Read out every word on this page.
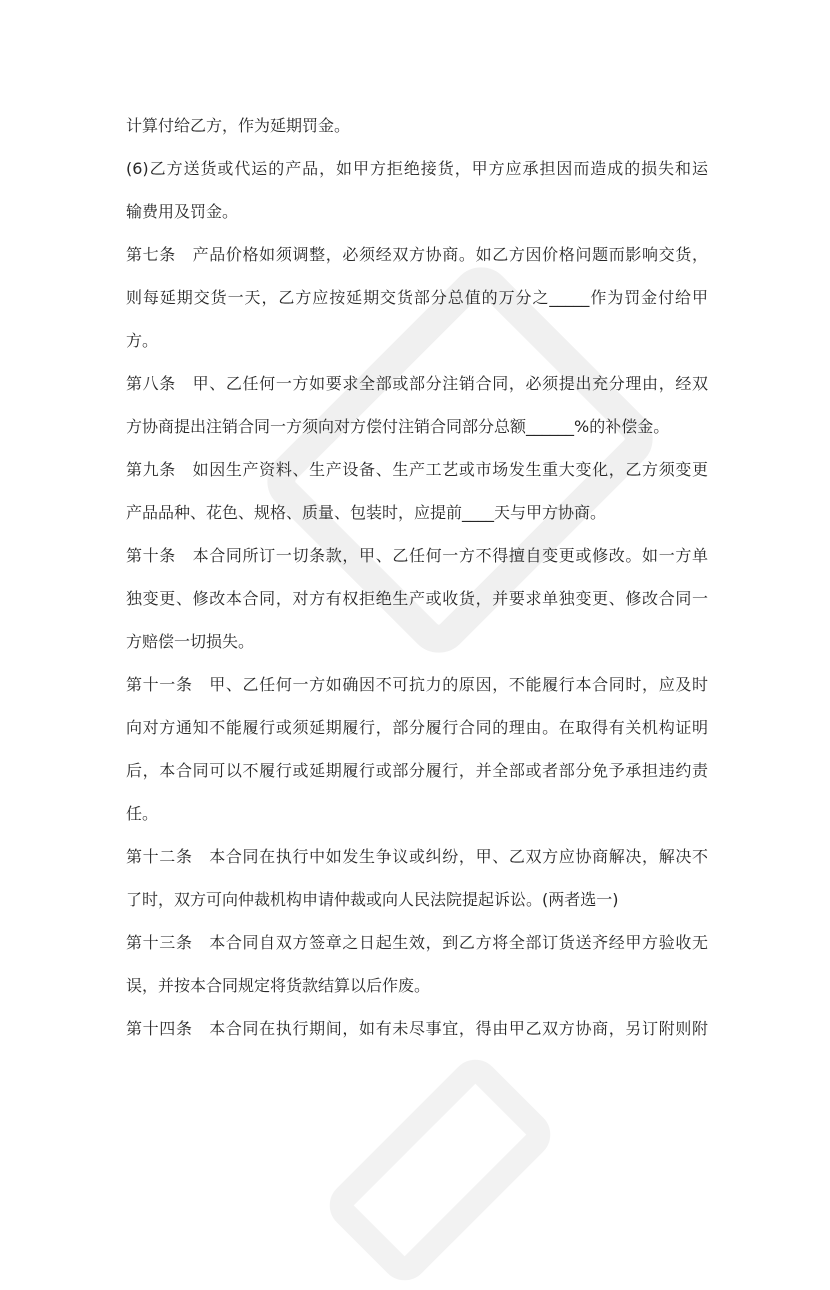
计算付给乙方，作为延期罚金。
(6)乙方送货或代运的产品，如甲方拒绝接货，甲方应承担因而造成的损失和运
输费用及罚金。
第七条　产品价格如须调整，必须经双方协商。如乙方因价格问题而影响交货，
则每延期交货一天，乙方应按延期交货部分总值的万分之_____作为罚金付给甲
方。
第八条　甲、乙任何一方如要求全部或部分注销合同，必须提出充分理由，经双
方协商提出注销合同一方须向对方偿付注销合同部分总额______%的补偿金。
第九条　如因生产资料、生产设备、生产工艺或市场发生重大变化，乙方须变更
产品品种、花色、规格、质量、包装时，应提前____天与甲方协商。
第十条　本合同所订一切条款，甲、乙任何一方不得擅自变更或修改。如一方单
独变更、修改本合同，对方有权拒绝生产或收货，并要求单独变更、修改合同一
方赔偿一切损失。
第十一条　甲、乙任何一方如确因不可抗力的原因，不能履行本合同时，应及时
向对方通知不能履行或须延期履行，部分履行合同的理由。在取得有关机构证明
后，本合同可以不履行或延期履行或部分履行，并全部或者部分免予承担违约责
任。
第十二条　本合同在执行中如发生争议或纠纷，甲、乙双方应协商解决，解决不
了时，双方可向仲裁机构申请仲裁或向人民法院提起诉讼。(两者选一)
第十三条　本合同自双方签章之日起生效，到乙方将全部订货送齐经甲方验收无
误，并按本合同规定将货款结算以后作废。
第十四条　本合同在执行期间，如有未尽事宜，得由甲乙双方协商，另订附则附
